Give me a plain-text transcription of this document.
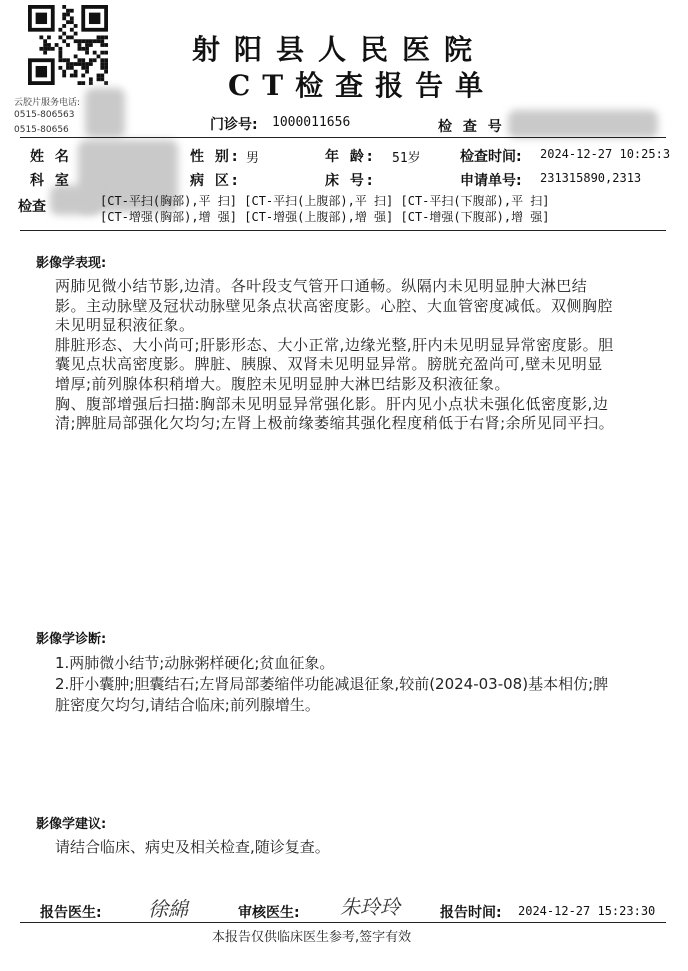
云胶片服务电话:
0515-806563
0515-80656
射阳县人民医院
CT检查报告单
门诊号: 1000011656	检 查 号
姓 名	性 别: 男	年 龄: 51岁	检查时间: 2024-12-27 10:25:3
科 室	病 区:	床 号:	申请单号: 231315890,2313
检查	[CT-平扫(胸部),平 扫] [CT-平扫(上腹部),平 扫] [CT-平扫(下腹部),平 扫]
[CT-增强(胸部),增 强] [CT-增强(上腹部),增 强] [CT-增强(下腹部),增 强]
影像学表现:

两肺见微小结节影,边清。各叶段支气管开口通畅。纵隔内未见明显肿大淋巴结影。主动脉壁及冠状动脉壁见条点状高密度影。心腔、大血管密度减低。双侧胸腔未见明显积液征象。

腓脏形态、大小尚可;肝影形态、大小正常,边缘光整,肝内未见明显异常密度影。胆囊见点状高密度影。脾脏、胰腺、双肾未见明显异常。膀胱充盈尚可,壁未见明显增厚;前列腺体积稍增大。腹腔未见明显肿大淋巴结影及积液征象。

胸、腹部增强后扫描:胸部未见明显异常强化影。肝内见小点状未强化低密度影,边清;脾脏局部强化欠均匀;左肾上极前缘萎缩其强化程度稍低于右肾;余所见同平扫。

影像学诊断:

1.两肺微小结节;动脉粥样硬化;贫血征象。

2.肝小囊肿;胆囊结石;左肾局部萎缩伴功能减退征象,较前(2024-03-08)基本相仿;脾脏密度欠均匀,请结合临床;前列腺增生。

影像学建议:
请结合临床、病史及相关检查,随诊复查。
报告医生: 徐綿	审核医生: 朱玲玲	报告时间: 2024-12-27 15:23:30
本报告仅供临床医生参考,签字有效
